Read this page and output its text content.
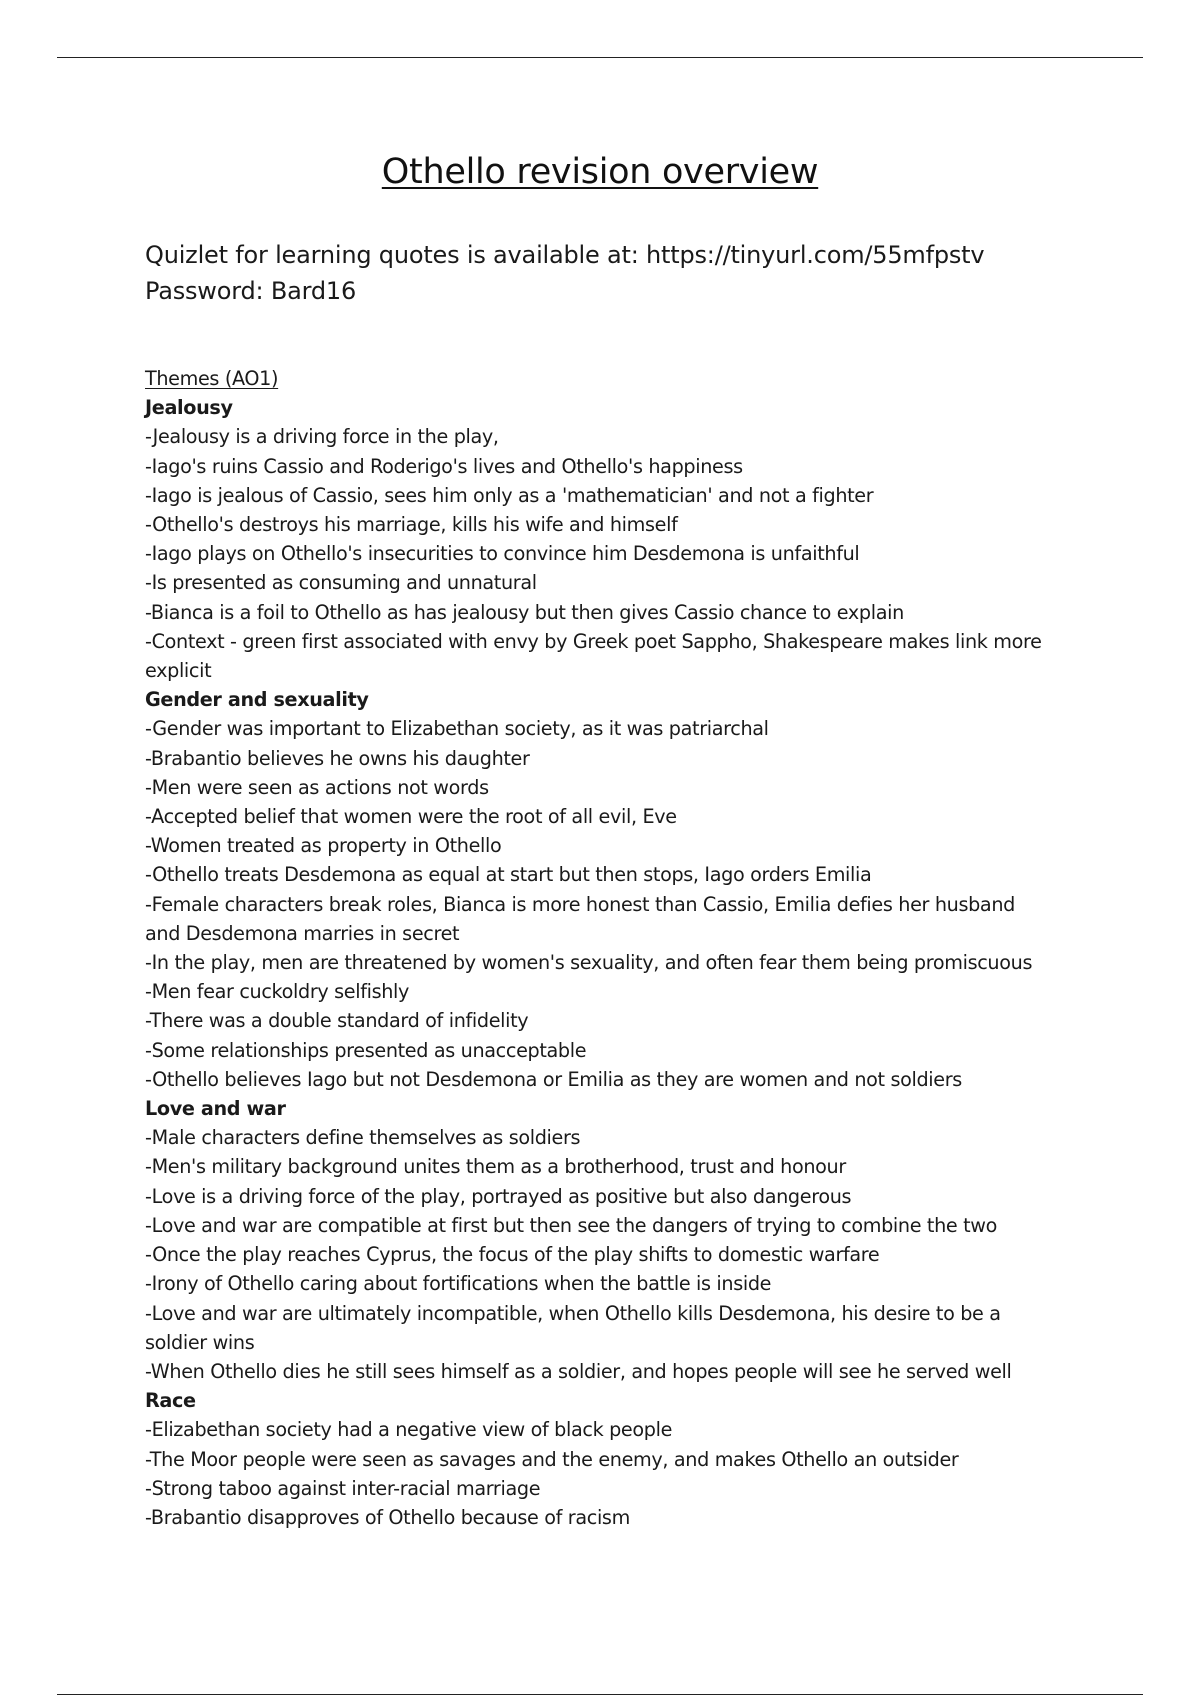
Othello revision overview
Quizlet for learning quotes is available at: https://tinyurl.com/55mfpstv
Password: Bard16
Themes (AO1)
Jealousy
-Jealousy is a driving force in the play,
-Iago's ruins Cassio and Roderigo's lives and Othello's happiness
-Iago is jealous of Cassio, sees him only as a 'mathematician' and not a fighter
-Othello's destroys his marriage, kills his wife and himself
-Iago plays on Othello's insecurities to convince him Desdemona is unfaithful
-Is presented as consuming and unnatural
-Bianca is a foil to Othello as has jealousy but then gives Cassio chance to explain
-Context - green first associated with envy by Greek poet Sappho, Shakespeare makes link more explicit
Gender and sexuality
-Gender was important to Elizabethan society, as it was patriarchal
-Brabantio believes he owns his daughter
-Men were seen as actions not words
-Accepted belief that women were the root of all evil, Eve
-Women treated as property in Othello
-Othello treats Desdemona as equal at start but then stops, Iago orders Emilia
-Female characters break roles, Bianca is more honest than Cassio, Emilia defies her husband and Desdemona marries in secret
-In the play, men are threatened by women's sexuality, and often fear them being promiscuous
-Men fear cuckoldry selfishly
-There was a double standard of infidelity
-Some relationships presented as unacceptable
-Othello believes Iago but not Desdemona or Emilia as they are women and not soldiers
Love and war
-Male characters define themselves as soldiers
-Men's military background unites them as a brotherhood, trust and honour
-Love is a driving force of the play, portrayed as positive but also dangerous
-Love and war are compatible at first but then see the dangers of trying to combine the two
-Once the play reaches Cyprus, the focus of the play shifts to domestic warfare
-Irony of Othello caring about fortifications when the battle is inside
-Love and war are ultimately incompatible, when Othello kills Desdemona, his desire to be a soldier wins
-When Othello dies he still sees himself as a soldier, and hopes people will see he served well
Race
-Elizabethan society had a negative view of black people
-The Moor people were seen as savages and the enemy, and makes Othello an outsider
-Strong taboo against inter-racial marriage
-Brabantio disapproves of Othello because of racism
